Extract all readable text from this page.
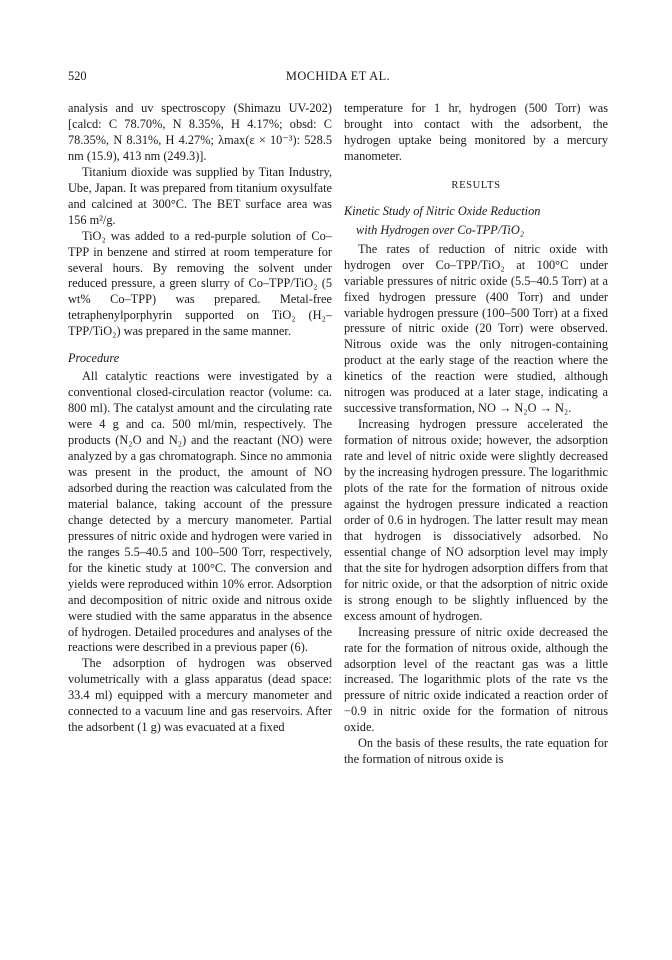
520	MOCHIDA ET AL.

analysis and uv spectroscopy (Shimazu UV-202) [calcd: C 78.70%, N 8.35%, H 4.17%; obsd: C 78.35%, N 8.31%, H 4.27%; λmax(ε × 10⁻³): 528.5 nm (15.9), 413 nm (249.3)].

Titanium dioxide was supplied by Titan Industry, Ube, Japan. It was prepared from titanium oxysulfate and calcined at 300°C. The BET surface area was 156 m²/g.

TiO₂ was added to a red-purple solution of Co–TPP in benzene and stirred at room temperature for several hours. By removing the solvent under reduced pressure, a green slurry of Co–TPP/TiO₂ (5 wt% Co–TPP) was prepared. Metal-free tetraphenylporphyrin supported on TiO₂ (H₂–TPP/TiO₂) was prepared in the same manner.

Procedure

All catalytic reactions were investigated by a conventional closed-circulation reactor (volume: ca. 800 ml). The catalyst amount and the circulating rate were 4 g and ca. 500 ml/min, respectively. The products (N₂O and N₂) and the reactant (NO) were analyzed by a gas chromatograph. Since no ammonia was present in the product, the amount of NO adsorbed during the reaction was calculated from the material balance, taking account of the pressure change detected by a mercury manometer. Partial pressures of nitric oxide and hydrogen were varied in the ranges 5.5–40.5 and 100–500 Torr, respectively, for the kinetic study at 100°C. The conversion and yields were reproduced within 10% error. Adsorption and decomposition of nitric oxide and nitrous oxide were studied with the same apparatus in the absence of hydrogen. Detailed procedures and analyses of the reactions were described in a previous paper (6).

The adsorption of hydrogen was observed volumetrically with a glass apparatus (dead space: 33.4 ml) equipped with a mercury manometer and connected to a vacuum line and gas reservoirs. After the adsorbent (1 g) was evacuated at a fixed

temperature for 1 hr, hydrogen (500 Torr) was brought into contact with the adsorbent, the hydrogen uptake being monitored by a mercury manometer.

RESULTS
Kinetic Study of Nitric Oxide Reduction
with Hydrogen over Co-TPP/TiO₂

The rates of reduction of nitric oxide with hydrogen over Co–TPP/TiO₂ at 100°C under variable pressures of nitric oxide (5.5–40.5 Torr) at a fixed hydrogen pressure (400 Torr) and under variable hydrogen pressure (100–500 Torr) at a fixed pressure of nitric oxide (20 Torr) were observed. Nitrous oxide was the only nitrogen-containing product at the early stage of the reaction where the kinetics of the reaction were studied, although nitrogen was produced at a later stage, indicating a successive transformation, NO → N₂O → N₂.

Increasing hydrogen pressure accelerated the formation of nitrous oxide; however, the adsorption rate and level of nitric oxide were slightly decreased by the increasing hydrogen pressure. The logarithmic plots of the rate for the formation of nitrous oxide against the hydrogen pressure indicated a reaction order of 0.6 in hydrogen. The latter result may mean that hydrogen is dissociatively adsorbed. No essential change of NO adsorption level may imply that the site for hydrogen adsorption differs from that for nitric oxide, or that the adsorption of nitric oxide is strong enough to be slightly influenced by the excess amount of hydrogen.

Increasing pressure of nitric oxide decreased the rate for the formation of nitrous oxide, although the adsorption level of the reactant gas was a little increased. The logarithmic plots of the rate vs the pressure of nitric oxide indicated a reaction order of −0.9 in nitric oxide for the formation of nitrous oxide.

On the basis of these results, the rate equation for the formation of nitrous oxide is
